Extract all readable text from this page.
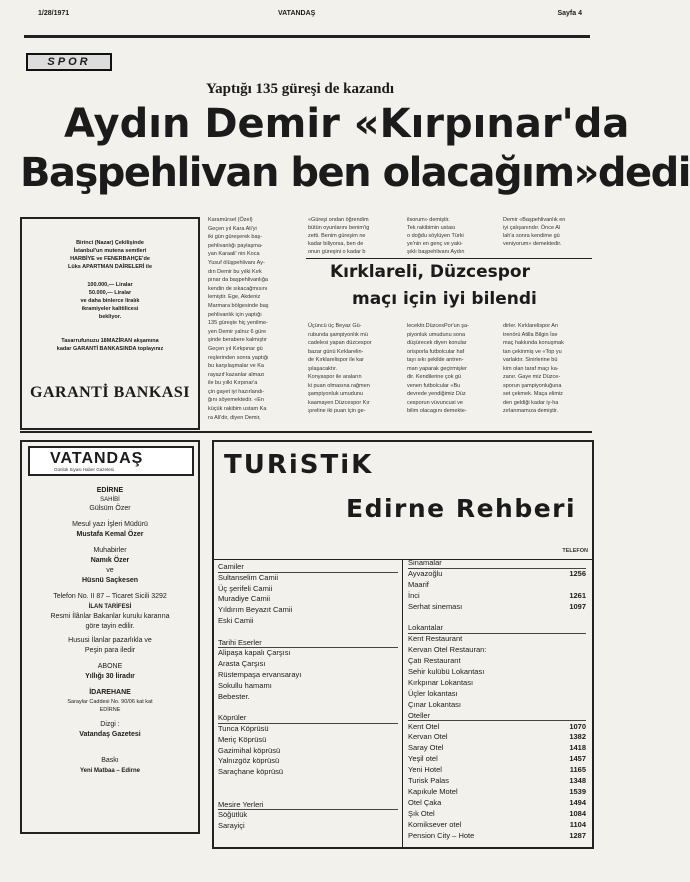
1/28/1971	VATANDAŞ	Sayfa 4
SPOR
Yaptığı 135 güreşi de kazandı
Aydın Demir «Kırpınar'da
Başpehlivan ben olacağım»dedi
Birinci (Nazar) Çekilişinde
İstanbul'un mutena semtleri
HARBİYE ve FENERBAHÇE'de
Lüks APARTMAN DAİRELERİ ile
100.000,— Liralar
50.000,— Liralar
ve daha binlerce liralık
ikramiyeler kalitilicesi
bekliyor.
Tasarrufunuzu 18MAZİRAN akşamına
kadar GARANTİ BANKASINDA toplayınız
GARANTİ BANKASI
Karamürsel (Özel)
Geçen yıl Kara Ali'yi
iki gün güreşerek baş-
pehlivanlığı paylaşma-
yan Karaali' nin Koca
Yusuf ölüşpehlivanı Ay-
dın Demir bu yılki Kırk
pınar da başpehlivanlığa
kendin de sıkacağmısını
lemiştir. Ege, Akdeniz
Marmara bölgesinde baş
pehlivanlık için yaptığı
135 güreşte hiç yenilme-
yen Demir yalnız 6 güre
şinde berabere kalmıştır
Geçen yıl Kırkpınar gü
reşlerinden sonra yaptığı
bu karşılaşmalar ve Ka
rayazıf kazanlar almazı
ile bu yılki Kırpınar'a
çin gayet iyi hazırlandı-
ğını söyemektedir. «En
küçük rakibim ustam Ka
ra Ali'dir, diyen Demir,
«Güreşi ondan öğrendim
bütün oyunlarını benim'ig
zetti. Benim güreşim ne
kadar biliyorsa, ben de
onun güreşini o kadar b
ilsorum» demiştir.
Tek rakibimin ustası
o doğdu söylüyen Türki
ye'nin en genç ve yaki-
şıklı başpehlivanı Aydın
Demir «Başpehlivanlık en
iyi çalışanındır. Önce Al
lah'a sonra kendime gü
veniyorum» demektedir.
Kırklareli, Düzcespor
maçı için iyi bilendi
Üçüncü üç Beyaz Gü-
rubunda şampiyonlık mü
cadelesi yapan düzcespor
bazar günü Kırklarelin-
de Kırklarelispor ile kar
şılaşacaktır.
Konyaspor ile araların
ki puan olmasına rağmen
şampiyonluk umudunu
kaamayen Düzcespor Kır
şıreline iki puan için ge-
lecektir.DüzcesPor'un şa-
piyonluk umudunu sona
düşürecek diyen konular
orisporla futbolcular haf
tayı sıkı şekilde antren-
man yaparak geçirmişler
dir. Kendilerine çok gü
venen futbolcular «Bu
devrede yendiğimiz Düz
cesporun vüvuncusi ve
bilim olacagını demekte-
dirler. Kırklarelispor An
trenörü Atilla Bilgin İse
maç hakkında konuşmak
tan çekinmiş ve «Top yu
varlaktır. Sinirlerine bü
kim olan taraf maçı ka-
zanır. Gaye miz Düzce-
sporun şampiyonluğuna
set çekmek. Maça elimiz
den geldiği kadar iy-ha
zırlanmamıza demiştir.
VATANDAŞ
Günlük Siyasi Haber Gazetesi
EDİRNE
SAHİBİ
Gülsüm Özer
Mesul yazı İşleri Müdürü
Mustafa Kemal Özer
Muhabirler
Namık Özer
ve
Hüsnü Saçkesen
Telefon No. II 87 – Ticaret Sicili 3292
İLAN TARİFESİ
Resmi İlânlar Bakanlar kurulu kararına
göre tayin edilir.
Hususi İlanlar pazarlıkla ve
Peşin para iledir
ABONE
Yıllığı 30 liradır
İDAREHANE
Saraylar Caddesi No. 90/06 kat kat
EDİRNE
Dizgi :
Vatandaş Gazetesi
Baskı
Yeni Matbaa – Edirne
TURiSTiK
Edirne Rehberi
TELEFON
Camiler
Sultanselim Camii
Üç şerifeli Camii
Muradiye Camii
Yıldırım Beyazıt Camii
Eski Camii
Tarihi Eserler
Alipaşa kapalı Çarşısı
Arasta Çarşısı
Rüstempaşa ervansarayı
Sokullu hamamı
Bebester.
Köprüler
Tunca Köprüsü
Meriç Köprüsü
Gazimihal köprüsü
Yalnızgöz köprüsü
Saraçhane köprüsü
Mesire Yerleri
Söğütlük
Sarayiçi
Sinamalar
Ayvazoğlu	1256
Maarif
İnci	1261
Serhat sineması	1097
Lokantalar
Kent Restaurant
Kervan Otel Restauran:
Çatı Restaurant
Sehir kulübü Lokantası
Kırkpınar Lokantası
Üçler lokantası
Çınar Lokantası
Oteller
Kent Otel	1070
Kervan Otel	1382
Saray Otel	1418
Yeşil otel	1457
Yeni Hotel	1165
Turisk Palas	1348
Kapıkule Motel	1539
Otel Çaka	1494
Şık Otel	1084
Komiksever otel	1104
Pension City – Hote	1287
